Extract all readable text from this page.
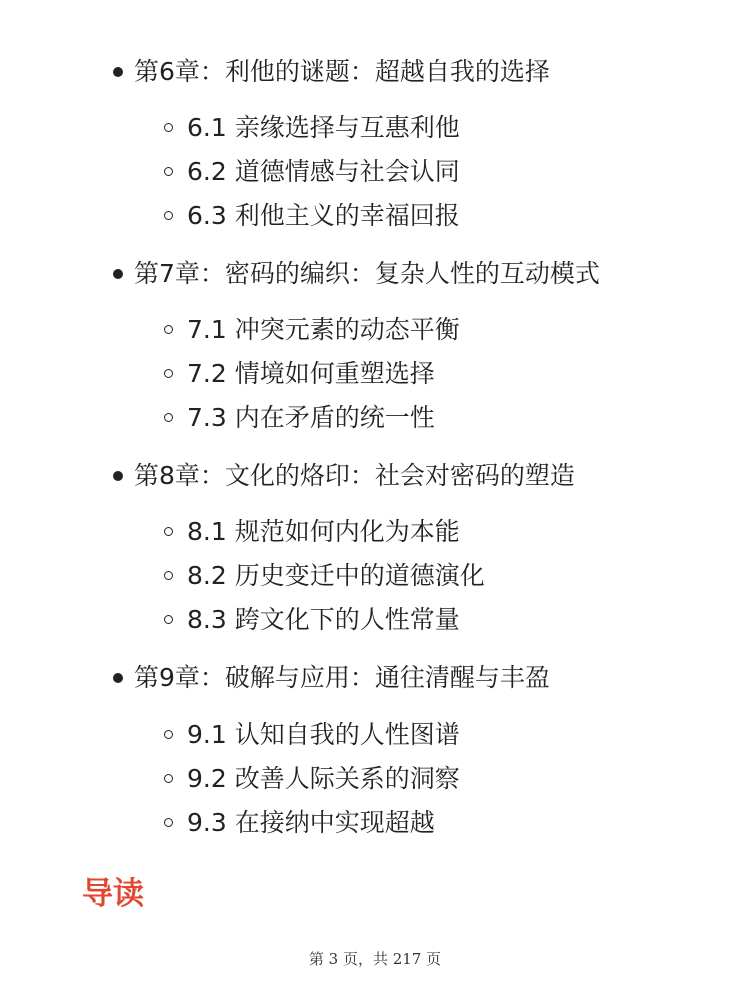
第6章：利他的谜题：超越自我的选择
6.1 亲缘选择与互惠利他
6.2 道德情感与社会认同
6.3 利他主义的幸福回报
第7章：密码的编织：复杂人性的互动模式
7.1 冲突元素的动态平衡
7.2 情境如何重塑选择
7.3 内在矛盾的统一性
第8章：文化的烙印：社会对密码的塑造
8.1 规范如何内化为本能
8.2 历史变迁中的道德演化
8.3 跨文化下的人性常量
第9章：破解与应用：通往清醒与丰盈
9.1 认知自我的人性图谱
9.2 改善人际关系的洞察
9.3 在接纳中实现超越
导读
第 3 页，共 217 页
